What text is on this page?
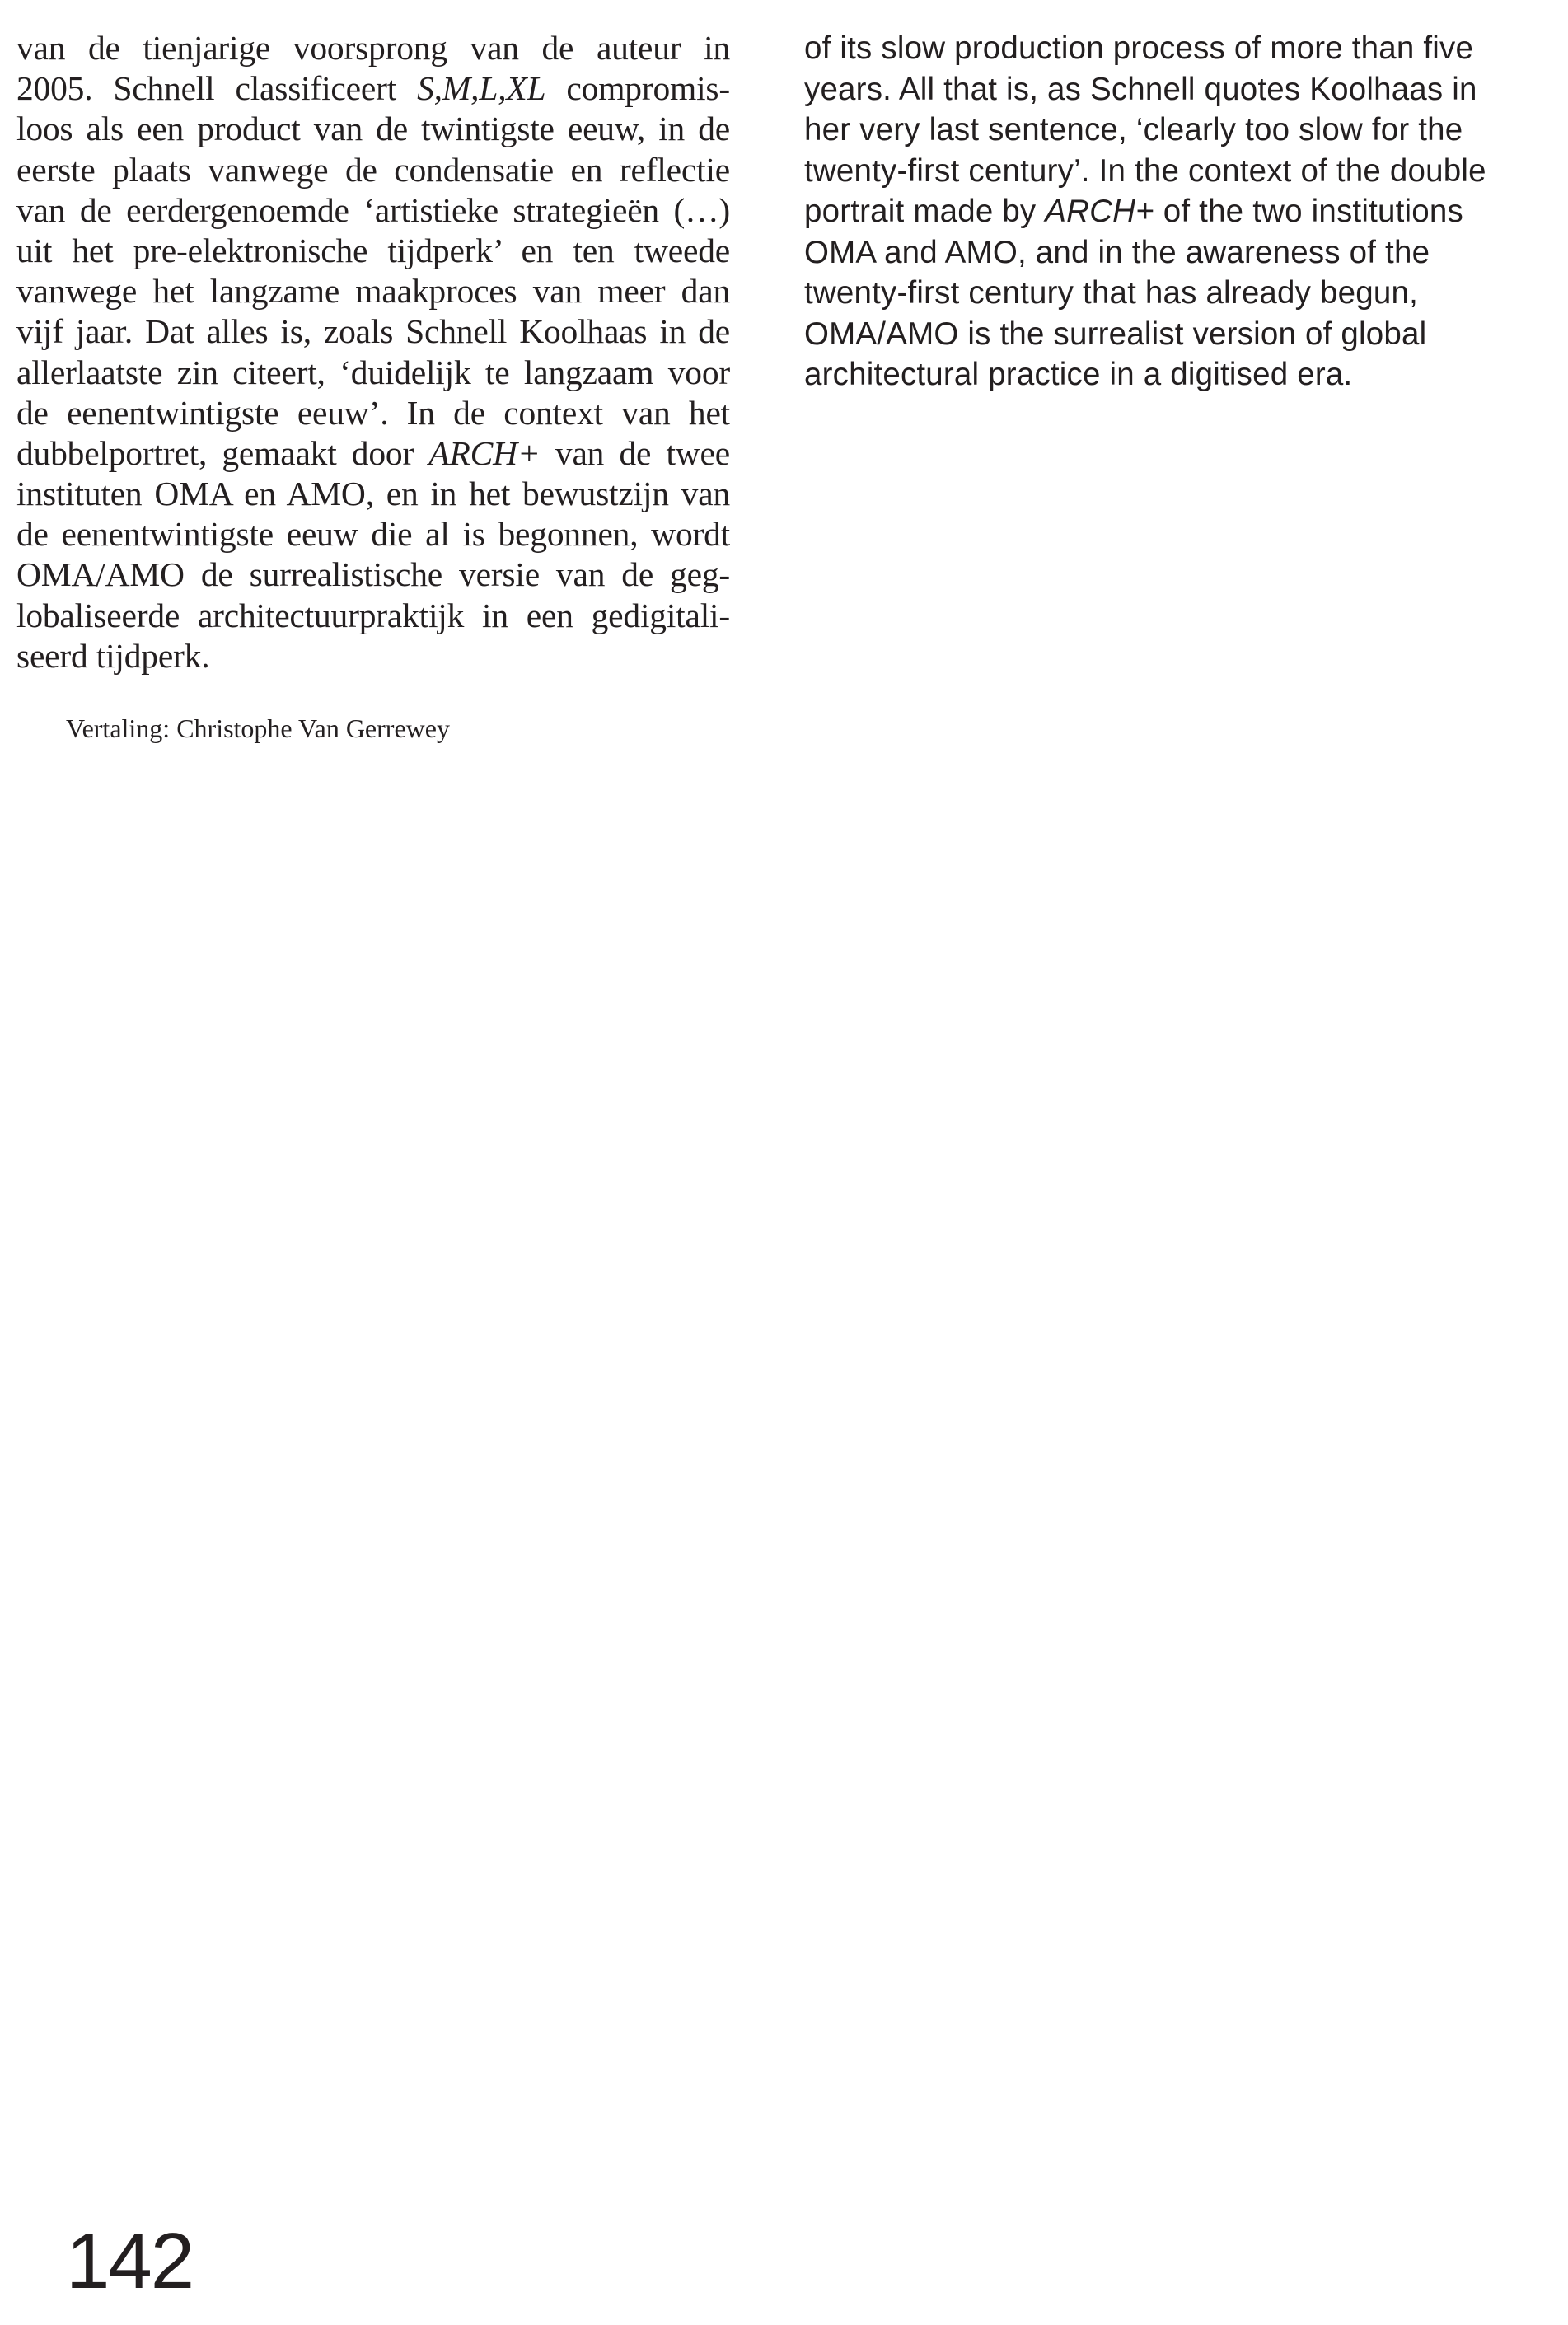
van de tienjarige voorsprong van de auteur in
2005. Schnell classificeert S,M,L,XL compromis-
loos als een product van de twintigste eeuw, in de
eerste plaats vanwege de condensatie en reflectie
van de eerdergenoemde ‘artistieke strategieën (…)
uit het pre-elektronische tijdperk’ en ten tweede
vanwege het langzame maakproces van meer dan
vijf jaar. Dat alles is, zoals Schnell Koolhaas in de
allerlaatste zin citeert, ‘duidelijk te langzaam voor
de eenentwintigste eeuw’. In de context van het
dubbelportret, gemaakt door ARCH+ van de twee
instituten OMA en AMO, en in het bewustzijn van
de eenentwintigste eeuw die al is begonnen, wordt
OMA/AMO de surrealistische versie van de geg-
lobaliseerde architectuurpraktijk in een gedigitali-
seerd tijdperk.
of its slow production process of more than five
years. All that is, as Schnell quotes Koolhaas in
her very last sentence, ‘clearly too slow for the
twenty-first century’. In the context of the double
portrait made by ARCH+ of the two institutions
OMA and AMO, and in the awareness of the
twenty-first century that has already begun,
OMA/AMO is the surrealist version of global
architectural practice in a digitised era.
Vertaling: Christophe Van Gerrewey
142
